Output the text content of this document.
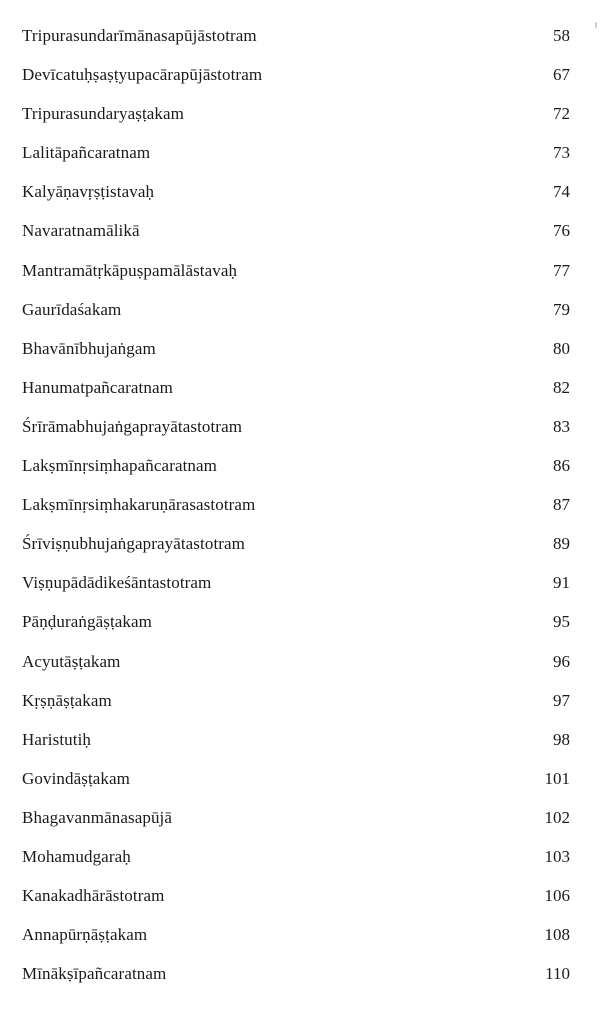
Tripurasundarīmānasapūjāstotram	58
Devīcatuḥṣaṣṭyupacārapūjāstotram	67
Tripurasundaryaṣṭakam	72
Lalitāpañcaratnam	73
Kalyāṇavṛṣṭistavaḥ	74
Navaratnamālikā	76
Mantramātṛkāpuṣpamālāstavaḥ	77
Gaurīdaśakam	79
Bhavānībhujaṅgam	80
Hanumatpañcaratnam	82
Śrīrāmabhujaṅgaprayātastotram	83
Lakṣmīnṛsiṃhapañcaratnam	86
Lakṣmīnṛsiṃhakaruṇārasastotram	87
Śrīviṣṇubhujaṅgaprayātastotram	89
Viṣṇupādādikeśāntastotram	91
Pāṇḍuraṅgāṣṭakam	95
Acyutāṣṭakam	96
Kṛṣṇāṣṭakam	97
Haristutiḥ	98
Govindāṣṭakam	101
Bhagavanmānasapūjā	102
Mohamudgaraḥ	103
Kanakadhārāstotram	106
Annapūrṇāṣṭakam	108
Mīnākṣīpañcaratnam	110
